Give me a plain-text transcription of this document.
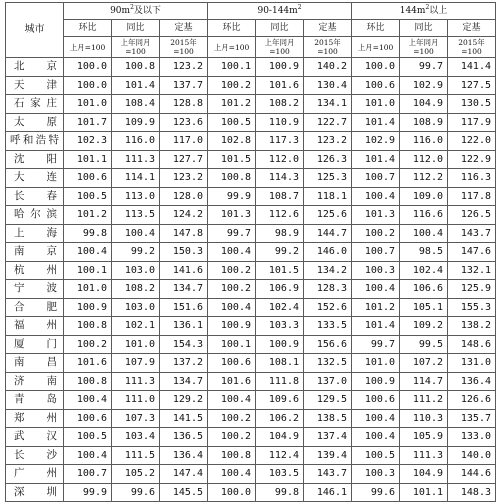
城市	$90m^2$及以下			$90-144m^2$			$144m^2$以上		
	环比	同比	定基	环比	同比	定基	环比	同比	定基
	上月=100	上年同月=100	2015年=100	上月=100	上年同月=100	2015年=100	上月=100	上年同月=100	2015年=100
北 京	100.0	100.8	123.2	100.1	100.9	140.2	100.0	99.7	141.4
天 津	100.0	101.4	137.7	100.2	101.6	130.4	100.6	102.9	127.5
石家庄	101.0	108.4	128.8	101.2	108.2	134.1	101.0	104.9	130.5
太 原	101.7	109.9	123.6	100.5	110.9	122.7	101.4	108.9	117.9
呼和浩特	102.3	116.0	117.0	102.8	117.3	123.2	102.9	116.0	122.0
沈 阳	101.1	111.3	127.7	101.5	112.0	126.3	101.4	112.0	122.9
大 连	100.6	114.1	123.2	100.8	114.3	125.3	100.7	112.2	116.3
长 春	100.5	113.0	128.0	99.9	108.7	118.1	100.4	109.0	117.8
哈尔滨	101.2	113.5	124.2	101.3	112.6	125.6	101.3	116.6	126.5
上 海	99.8	100.4	147.8	99.7	98.9	144.7	100.2	100.4	143.7
南 京	100.4	99.2	150.3	100.4	99.2	146.0	100.7	98.5	147.6
杭 州	100.1	103.0	141.6	100.2	101.5	134.2	100.3	102.4	132.1
宁 波	101.0	108.2	134.7	100.2	106.9	128.3	100.4	106.6	125.9
合 肥	100.9	103.0	151.6	100.4	102.4	152.6	101.2	105.1	155.3
福 州	100.8	102.1	136.1	100.9	103.3	133.5	101.4	109.2	138.2
厦 门	100.2	101.0	154.3	100.1	100.9	156.6	99.7	99.5	148.6
南 昌	101.6	107.9	137.2	100.6	108.1	132.5	101.0	107.2	131.0
济 南	100.8	111.3	134.7	101.6	111.8	137.0	100.9	114.7	136.4
青 岛	100.4	111.0	129.2	100.4	109.6	129.5	100.6	111.2	126.6
郑 州	100.6	107.3	141.5	100.2	106.2	138.5	100.4	110.3	135.7
武 汉	100.5	103.4	136.5	100.2	104.9	137.4	100.4	105.9	133.0
长 沙	100.4	111.5	136.4	100.8	112.4	139.4	100.5	111.3	140.0
广 州	100.7	105.2	147.4	100.4	103.5	143.7	100.3	104.9	144.6
深 圳	99.9	99.6	145.5	100.0	99.8	146.1	99.6	101.1	148.3
